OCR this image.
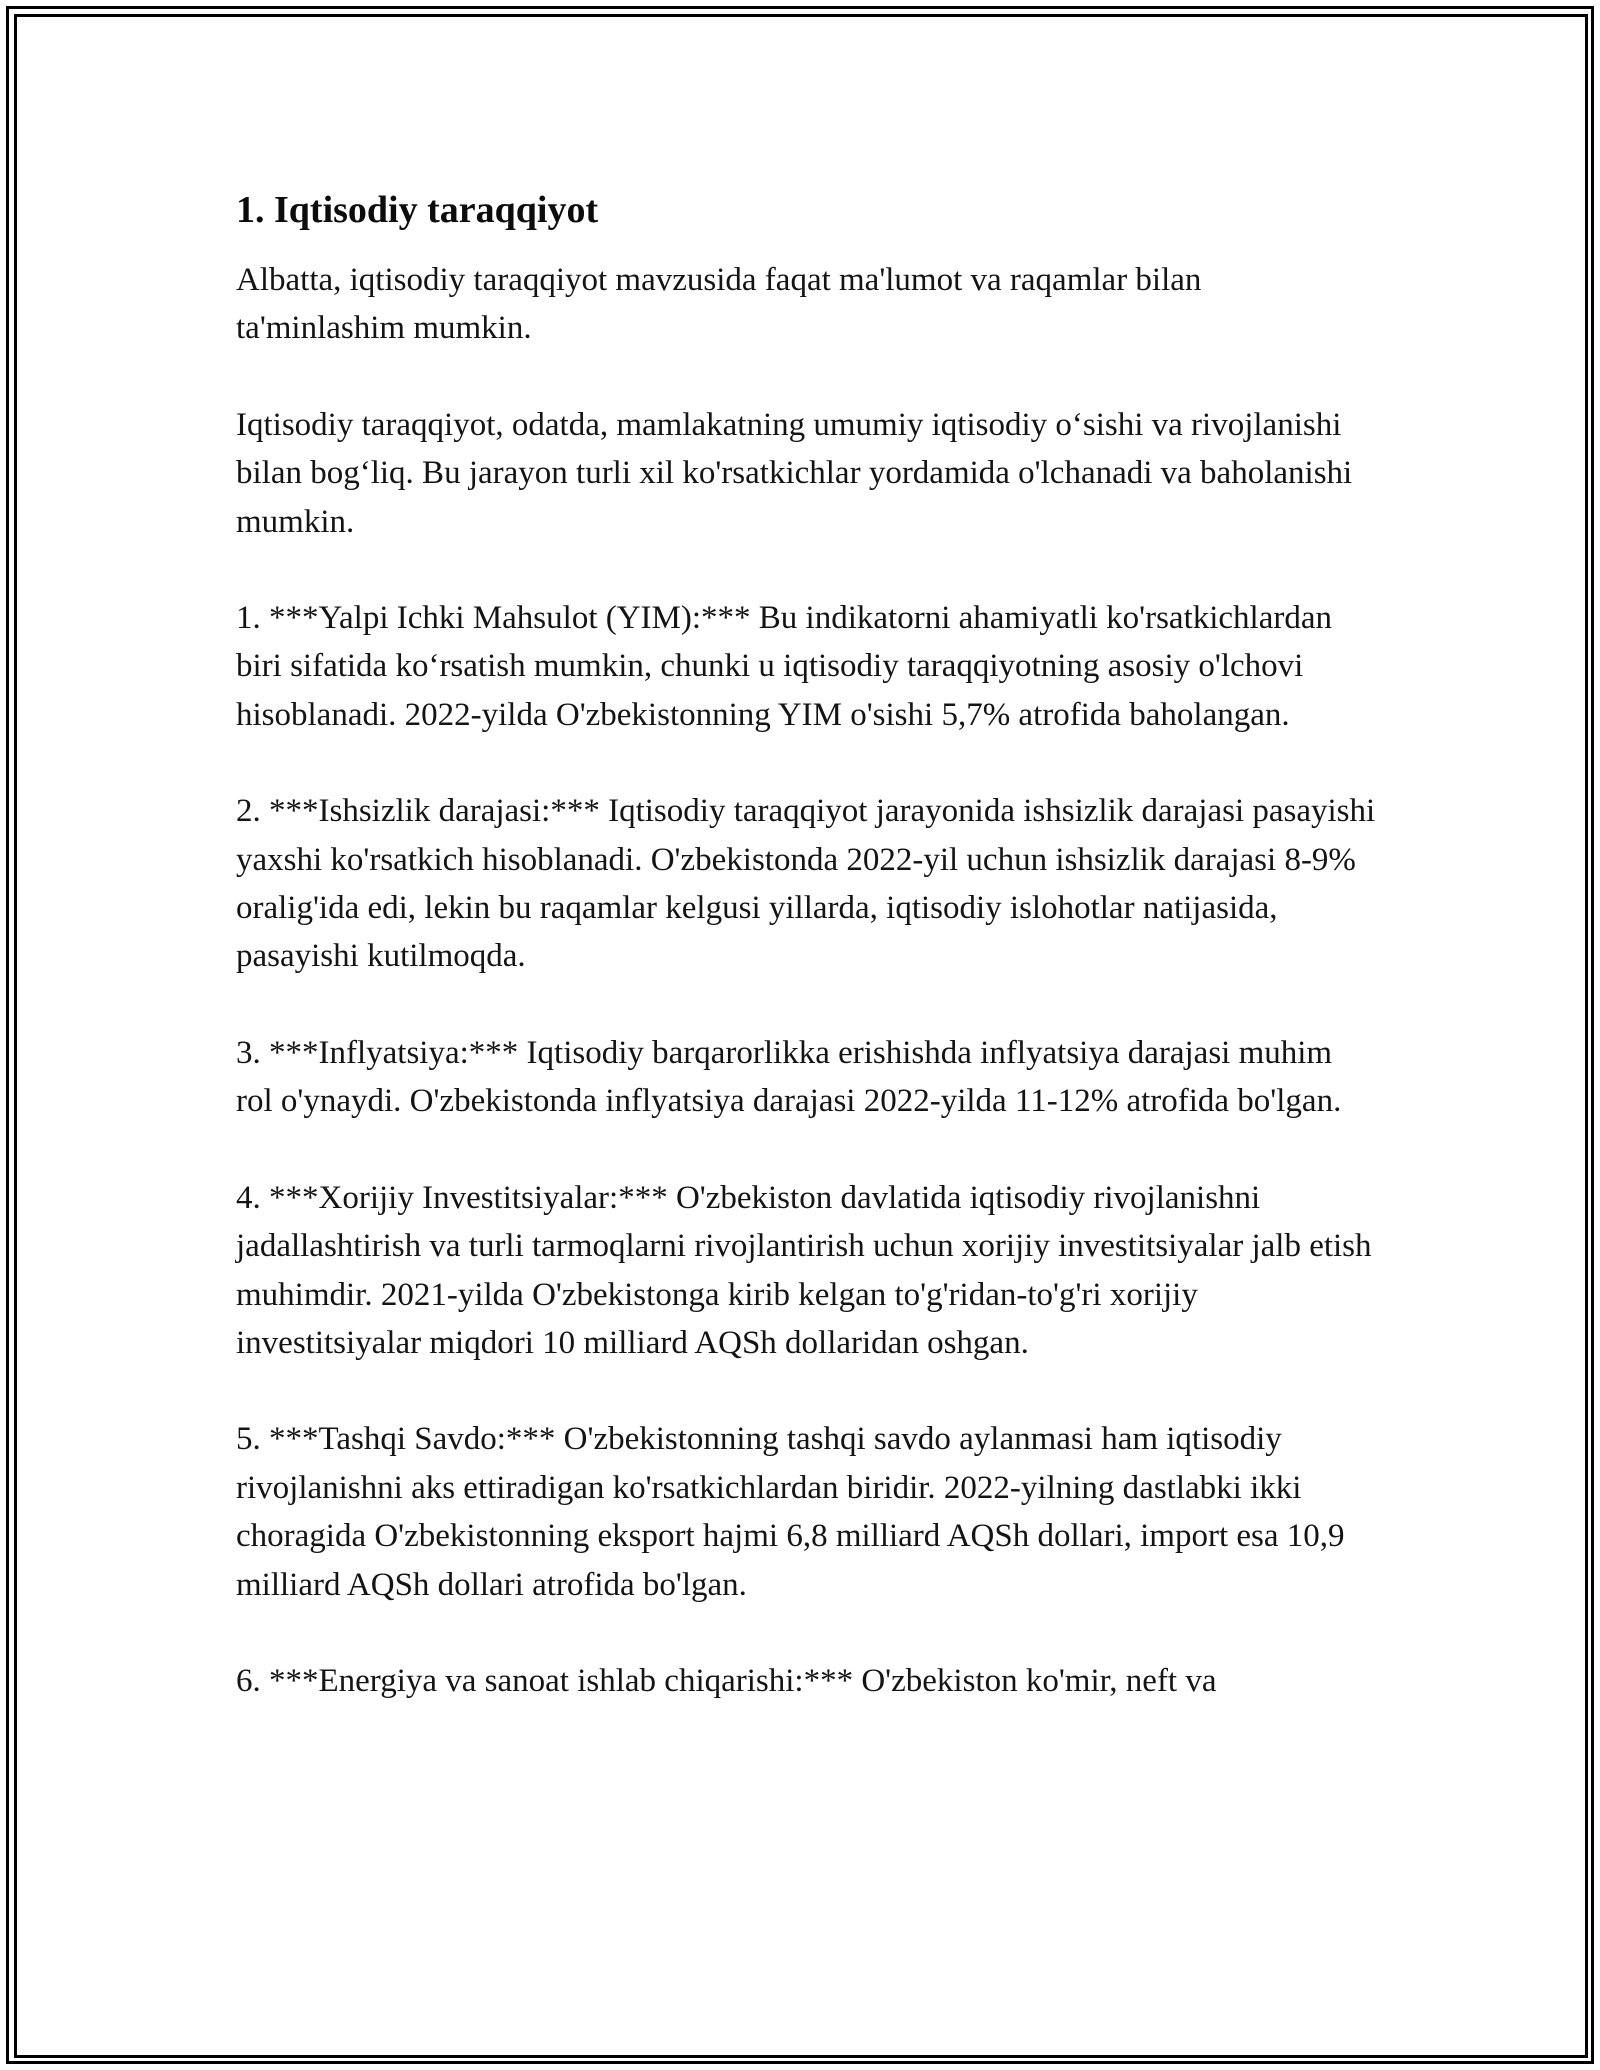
1. Iqtisodiy taraqqiyot

Albatta, iqtisodiy taraqqiyot mavzusida faqat ma'lumot va raqamlar bilan ta'minlashim mumkin.

Iqtisodiy taraqqiyot, odatda, mamlakatning umumiy iqtisodiy o‘sishi va rivojlanishi bilan bog‘liq. Bu jarayon turli xil ko'rsatkichlar yordamida o'lchanadi va baholanishi mumkin.

1. ***Yalpi Ichki Mahsulot (YIM):*** Bu indikatorni ahamiyatli ko'rsatkichlardan biri sifatida ko‘rsatish mumkin, chunki u iqtisodiy taraqqiyotning asosiy o'lchovi hisoblanadi. 2022-yilda O'zbekistonning YIM o'sishi 5,7% atrofida baholangan.

2. ***Ishsizlik darajasi:*** Iqtisodiy taraqqiyot jarayonida ishsizlik darajasi pasayishi yaxshi ko'rsatkich hisoblanadi. O'zbekistonda 2022-yil uchun ishsizlik darajasi 8-9% oralig'ida edi, lekin bu raqamlar kelgusi yillarda, iqtisodiy islohotlar natijasida, pasayishi kutilmoqda.

3. ***Inflyatsiya:*** Iqtisodiy barqarorlikka erishishda inflyatsiya darajasi muhim rol o'ynaydi. O'zbekistonda inflyatsiya darajasi 2022-yilda 11-12% atrofida bo'lgan.

4. ***Xorijiy Investitsiyalar:*** O'zbekiston davlatida iqtisodiy rivojlanishni jadallashtirish va turli tarmoqlarni rivojlantirish uchun xorijiy investitsiyalar jalb etish muhimdir. 2021-yilda O'zbekistonga kirib kelgan to'g'ridan-to'g'ri xorijiy investitsiyalar miqdori 10 milliard AQSh dollaridan oshgan.

5. ***Tashqi Savdo:*** O'zbekistonning tashqi savdo aylanmasi ham iqtisodiy rivojlanishni aks ettiradigan ko'rsatkichlardan biridir. 2022-yilning dastlabki ikki choragida O'zbekistonning eksport hajmi 6,8 milliard AQSh dollari, import esa 10,9 milliard AQSh dollari atrofida bo'lgan.

6. ***Energiya va sanoat ishlab chiqarishi:*** O'zbekiston ko'mir, neft va
